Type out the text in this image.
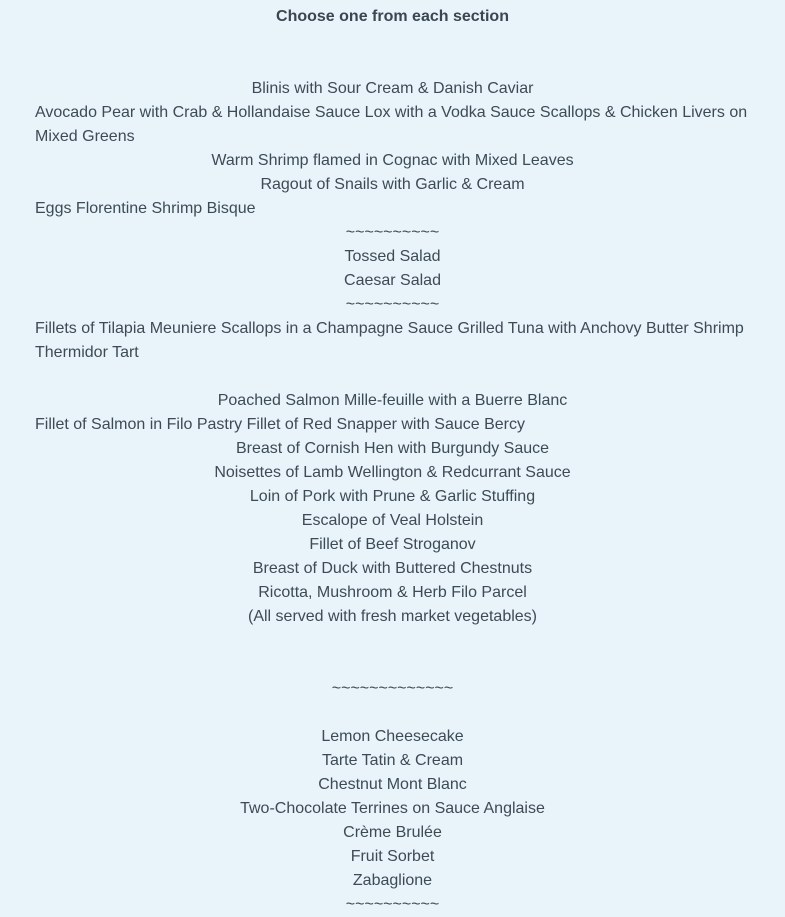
Choose one from each section
Blinis with Sour Cream & Danish Caviar
Avocado Pear with Crab & Hollandaise Sauce Lox with a Vodka Sauce Scallops & Chicken Livers on Mixed Greens
Warm Shrimp flamed in Cognac with Mixed Leaves
Ragout of Snails with Garlic & Cream
Eggs Florentine Shrimp Bisque
~~~~~~~~~~
Tossed Salad
Caesar Salad
~~~~~~~~~~
Fillets of Tilapia Meuniere Scallops in a Champagne Sauce Grilled Tuna with Anchovy Butter Shrimp Thermidor Tart
Poached Salmon Mille-feuille with a Buerre Blanc
Fillet of Salmon in Filo Pastry Fillet of Red Snapper with Sauce Bercy
Breast of Cornish Hen with Burgundy Sauce
Noisettes of Lamb Wellington & Redcurrant Sauce
Loin of Pork with Prune & Garlic Stuffing
Escalope of Veal Holstein
Fillet of Beef Stroganov
Breast of Duck with Buttered Chestnuts
Ricotta, Mushroom & Herb Filo Parcel
(All served with fresh market vegetables)
~~~~~~~~~~~~~
Lemon Cheesecake
Tarte Tatin & Cream
Chestnut Mont Blanc
Two-Chocolate Terrines on Sauce Anglaise
Crème Brulée
Fruit Sorbet
Zabaglione
~~~~~~~~~~
